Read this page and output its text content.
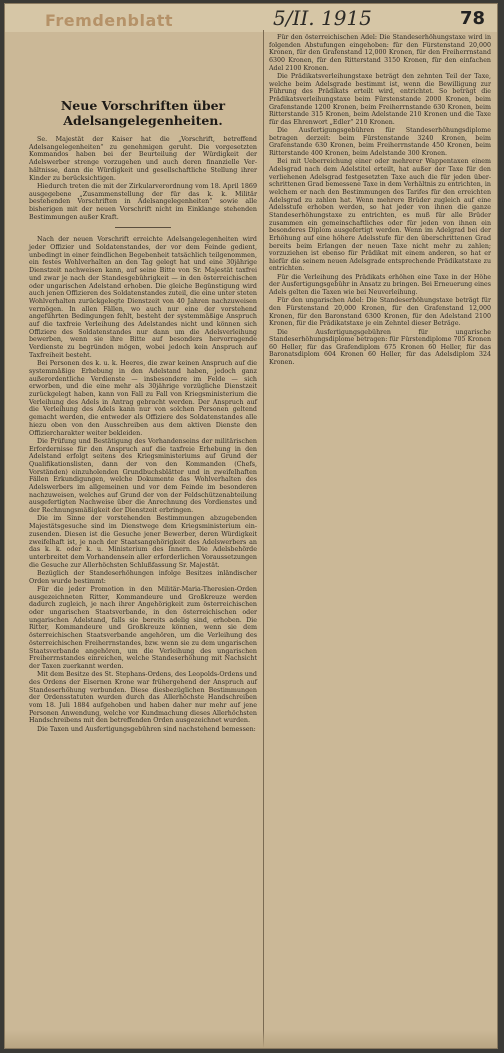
Fremdenblatt	5/II. 1915	78
Neue Vorschriften über Adelsangelegenheiten.

Se. Majestät der Kaiser hat die „Vorschrift, betreffend Adelsangelegenheiten“ zu genehmigen geruht. Die vorgesetzten Kommandos haben bei der Beurteilung der Würdigkeit der Adelswerber strenge vorzugehen und auch deren finanzielle Verhältnisse, dann die Würdigkeit und gesellschaftliche Stellung ihrer Kinder zu berücksichtigen.

Hiedurch treten die mit der Zirkularverordnung vom 18. April 1869 ausgegebene „Zusammenstellung der für das k. k. Militär bestehenden Vorschriften in Adelsangelegenheiten“ sowie alle bisherigen mit der neuen Vorschrift nicht im Einklange stehenden Bestimmungen außer Kraft.

Nach der neuen Vorschrift erreichte Adelsangelegenheiten wird jeder Offizier und Soldatenstandes, der vor dem Feinde gedient, unbedingt in einer feindlichen Begebenheit tatsächlich teilgenommen, ein festes Wohlverhalten an den Tag gelegt hat und eine 30jährige Dienstzeit nachweisen kann, auf seine Bitte von Sr. Majestät taxfrei und zwar je nach der Standesgebührigkeit — in den österreichischen oder ungarischen Adelstand erhoben. Die gleiche Begünstigung wird auch jenen Offizieren des Soldatenstandes zuteil, die eine unter steten Wohlverhalten zurückgelegte Dienstzeit von 40 Jahren nachzuweisen vermögen. In allen Fällen, wo auch nur eine der vorstehend angeführten Bedingungen fehlt, besteht der systemmäßige Anspruch auf die taxfreie Verleihung des Adelstandes nicht und können sich Offiziere des Soldatenstandes nur dann um die Adelsverleihung bewerben, wenn sie ihre Bitte auf besonders hervorragende Verdienste zu begründen mögen, wobei jedoch kein Anspruch auf Taxfreiheit besteht.

Bei Personen des k. u. k. Heeres, die zwar keinen Anspruch auf die systemmäßige Erhebung in den Adelstand haben, jedoch ganz außerordentliche Verdienste — insbesondere im Felde — sich erworben, und die eine mehr als 30jährige vorzügliche Dienstzeit zurückgelegt haben, kann von Fall zu Fall von Kriegsministerium die Verleihung des Adels in Antrag gebracht werden. Der Anspruch auf die Verleihung des Adels kann nur von solchen Personen geltend gemacht werden, die entweder als Offiziere des Soldatenstandes alle hiezu oben von den Ausschreiben aus dem aktiven Dienste den Offiziercharakter weiter bekleiden.

Die Prüfung und Bestätigung des Vorhandenseins der militärischen Erfordernisse für den Anspruch auf die taxfreie Erhebung in den Adelstand erfolgt seitens des Kriegsministeriums auf Grund der Qualifikationslisten, dann der von den Kommanden (Chefs, Vorständen) einzuholenden Grundbuchsblätter und in zweifelhaften Fällen Erkundigungen, welche Dokumente das Wohlverhalten des Adelswerbers im allgemeinen und vor dem Feinde im besonderen nachzuweisen, welches auf Grund der von der Feldschützenabteilung ausgefertigten Nachweise über die Anrechnung des Vordienstes und der Rechnungsmäßigkeit der Dienstzeit erbringen.

Die im Sinne der vorstehenden Bestimmungen abzugebenden Majestätsgesuche sind im Dienstwege dem Kriegsministerium einzusenden. Diesen ist die Gesuche jener Bewerber, deren Würdigkeit zweifelhaft ist, je nach der Staatsangehörigkeit des Adelswerbers an das k. k. oder k. u. Ministerium des Innern. Die Adelsbehörde unterbreitet dem Vorhandensein aller erforderlichen Voraussetzungen die Gesuche zur Allerhöchsten Schlußfassung Sr. Majestät.

Bezüglich der Standeserhöhungen infolge Besitzes inländischer Orden wurde bestimmt:

Für die jeder Promotion in den Militär-Maria-Theresien-Orden ausgezeichneten Ritter, Kommandeure und Großkreuze werden dadurch zugleich, je nach ihrer Angehörigkeit zum österreichischen oder ungarischen Staatsverbande, in den österreichischen oder ungarischen Adelstand, falls sie bereits adelig sind, erhoben. Die Ritter, Kommandeure und Großkreuze können, wenn sie dem österreichischen Staatsverbande angehören, um die Verleihung des österreichischen Freiherrnstandes, bzw. wenn sie zu dem ungarischen Staatsverbande angehören, um die Verleihung des ungarischen Freiherrnstandes einreichen, welche Standeserhöhung mit Nachsicht der Taxen zuerkannt werden.

Mit dem Besitze des St. Stephans-Ordens, des Leopolds-Ordens und des Ordens der Eisernen Krone war frühergehend der Anspruch auf Standeserhöhung verbunden. Diese diesbezüglichen Bestimmungen der Ordensstatuten wurden durch das Allerhöchste Handschreiben vom 18. Juli 1884 aufgehoben und haben daher nur mehr auf jene Personen Anwendung, welche vor Kundmachung dieses Allerhöchsten Handschreibens mit den betreffenden Orden ausgezeichnet wurden.

Die Taxen und Ausfertigungsgebühren sind nachstehend bemessen:

Für den österreichischen Adel: Die Standeserhöhungstaxe wird in folgenden Abstufungen eingehoben: für den Fürstenstand 20,000 Kronen, für den Grafenstand 12,000 Kronen, für den Freiherrnstand 6300 Kronen, für den Ritterstand 3150 Kronen, für den einfachen Adel 2100 Kronen.

Die Prädikatsverleihungstaxe beträgt den zehnten Teil der Taxe, welche beim Adelsgrade bestimmt ist, wenn die Bewilligung zur Führung des Prädikats erteilt wird, entrichtet. So beträgt die Prädikatsverleihungstaxe beim Fürstenstande 2000 Kronen, beim Grafenstande 1200 Kronen, beim Freiherrnstande 630 Kronen, beim Ritterstande 315 Kronen, beim Adelstande 210 Kronen und die Taxe für das Ehrenwort „Edler“ 210 Kronen.

Die Ausfertigungsgebühren für Standeserhöhungsdiplome betragen derzeit: beim Fürstenstande 3240 Kronen, beim Grafenstande 630 Kronen, beim Freiherrnstande 450 Kronen, beim Ritterstande 400 Kronen, beim Adelstande 300 Kronen.

Bei mit Ueberreichung einer oder mehrerer Wappentaxen einem Adelsgrad nach dem Adelstitel erteilt, hat außer der Taxe für den verliehenen Adelsgrad festgesetzten Taxe auch die für jeden überschrittenen Grad bemessene Taxe in dem Verhältnis zu entrichten, in welchem er nach den Bestimmungen des Tarifes für den erreichten Adelsgrad zu zahlen hat. Wenn mehrere Brüder zugleich auf eine Adelsstufe erhoben werden, so hat jeder von ihnen die ganze Standeserhöhungstaxe zu entrichten, es muß für alle Brüder zusammen ein gemeinschaftliches oder für jeden von ihnen ein besonderes Diplom ausgefertigt werden. Wenn im Adelgrad bei der Erhöhung auf eine höhere Adelsstufe für den überschrittenen Grad bereits beim Erlangen der neuen Taxe nicht mehr zu zahlen; vorzuziehen ist ebenso für Prädikat mit einem anderen, so hat er hiefür die seinem neuen Adelsgrade entsprechende Prädikatstaxe zu entrichten.

Für die Verleihung des Prädikats erhöhen eine Taxe in der Höhe der Ausfertigungsgebühr in Ansatz zu bringen. Bei Erneuerung eines Adels gelten die Taxen wie bei Neuverleihung.

Für den ungarischen Adel: Die Standeserhöhungstaxe beträgt für den Fürstenstand 20,000 Kronen, für den Grafenstand 12,000 Kronen, für den Baronstand 6300 Kronen, für den Adelstand 2100 Kronen, für die Prädikatstaxe je ein Zehntel dieser Beträge.

Die Ausfertigungsgebühren für ungarische Standeserhöhungsdiplome betragen: für Fürstendiplome 705 Kronen 60 Heller, für das Grafendiplom 675 Kronen 60 Heller, für das Baronatsdiplom 604 Kronen 60 Heller, für das Adelsdiplom 324 Kronen.
